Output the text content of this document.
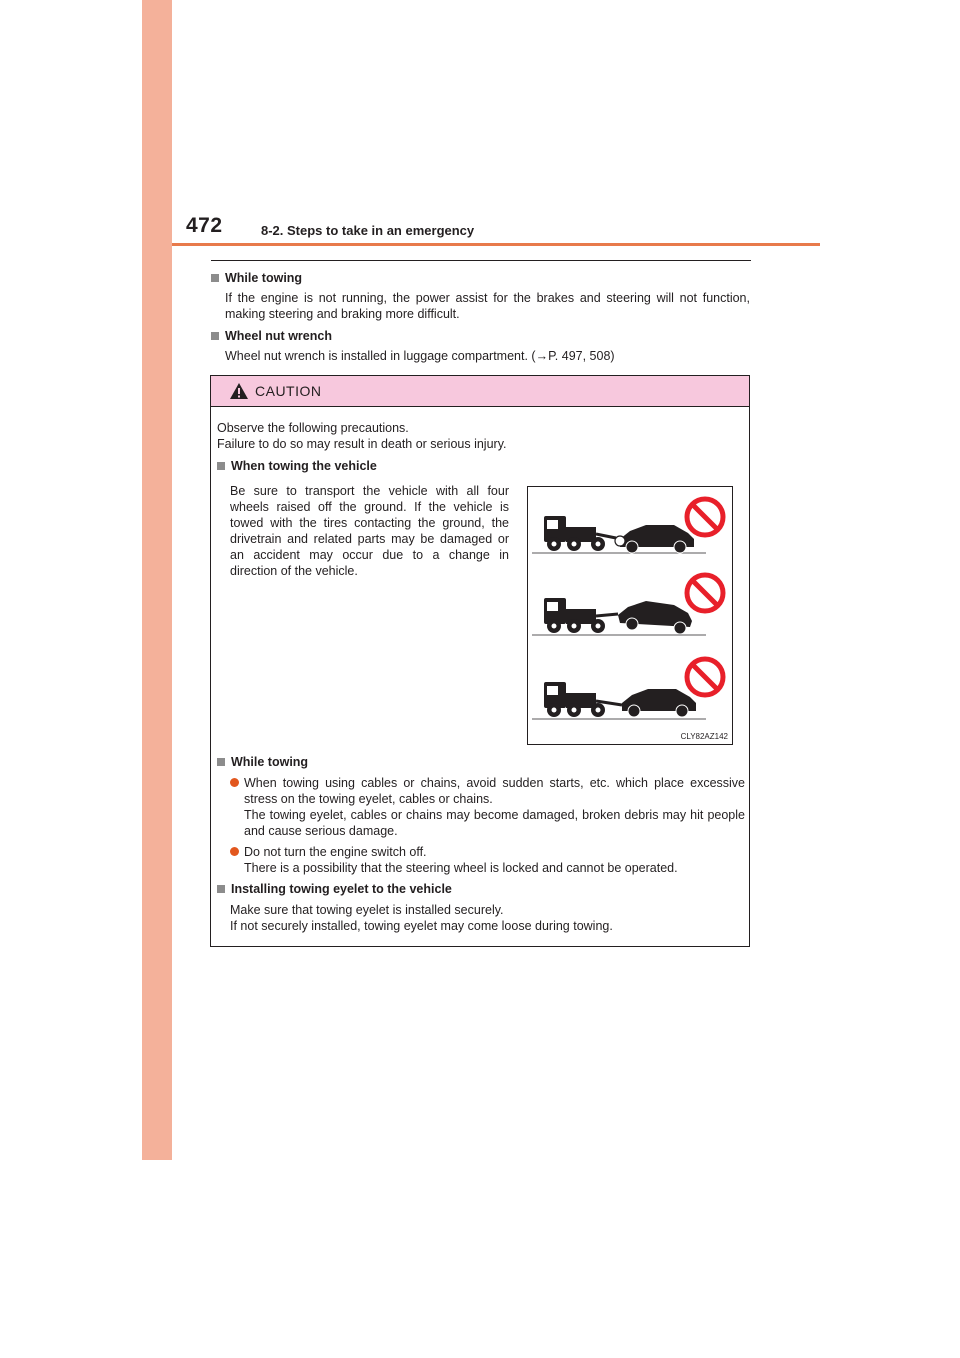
472	8-2. Steps to take in an emergency
While towing
If the engine is not running, the power assist for the brakes and steering will not function, making steering and braking more difficult.
Wheel nut wrench
Wheel nut wrench is installed in luggage compartment. (→P. 497, 508)
CAUTION
Observe the following precautions.
Failure to do so may result in death or serious injury.
When towing the vehicle
Be sure to transport the vehicle with all four wheels raised off the ground. If the vehicle is towed with the tires contacting the ground, the drivetrain and related parts may be damaged or an accident may occur due to a change in direction of the vehicle.
CLY82AZ142
While towing
When towing using cables or chains, avoid sudden starts, etc. which place excessive stress on the towing eyelet, cables or chains.
The towing eyelet, cables or chains may become damaged, broken debris may hit people and cause serious damage.
Do not turn the engine switch off.
There is a possibility that the steering wheel is locked and cannot be operated.
Installing towing eyelet to the vehicle
Make sure that towing eyelet is installed securely.
If not securely installed, towing eyelet may come loose during towing.
